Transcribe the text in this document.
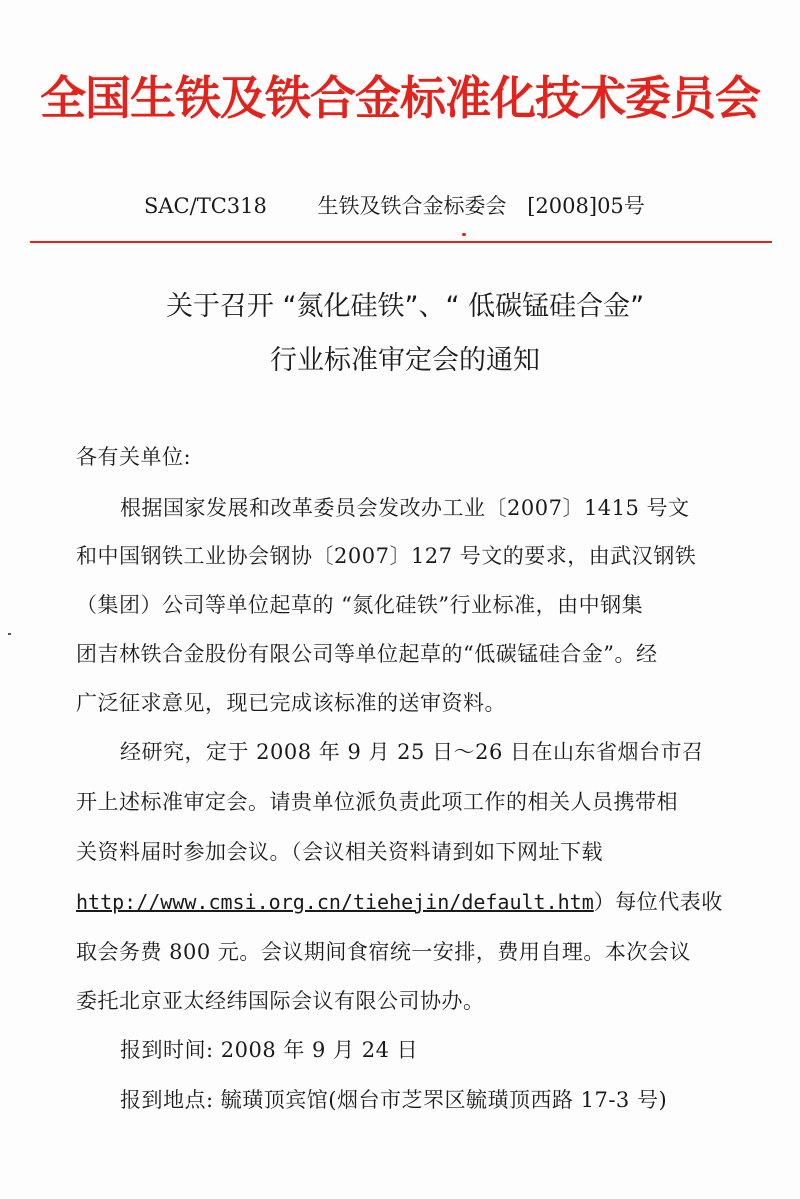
全国生铁及铁合金标准化技术委员会
SAC/TC318 生铁及铁合金标委会 [2008]05号
关于召开 “氮化硅铁”、“ 低碳锰硅合金”
行业标准审定会的通知
各有关单位:
根据国家发展和改革委员会发改办工业〔2007〕1415 号文
和中国钢铁工业协会钢协〔2007〕127 号文的要求，由武汉钢铁
（集团）公司等单位起草的 “氮化硅铁”行业标准，由中钢集
团吉林铁合金股份有限公司等单位起草的“低碳锰硅合金”。经
广泛征求意见，现已完成该标准的送审资料。
经研究，定于 2008 年 9 月 25 日～26 日在山东省烟台市召
开上述标准审定会。请贵单位派负责此项工作的相关人员携带相
关资料届时参加会议。（会议相关资料请到如下网址下载
http://www.cmsi.org.cn/tiehejin/default.htm）每位代表收
取会务费 800 元。会议期间食宿统一安排，费用自理。本次会议
委托北京亚太经纬国际会议有限公司协办。
报到时间: 2008 年 9 月 24 日
报到地点: 毓璜顶宾馆(烟台市芝罘区毓璜顶西路 17-3 号)
